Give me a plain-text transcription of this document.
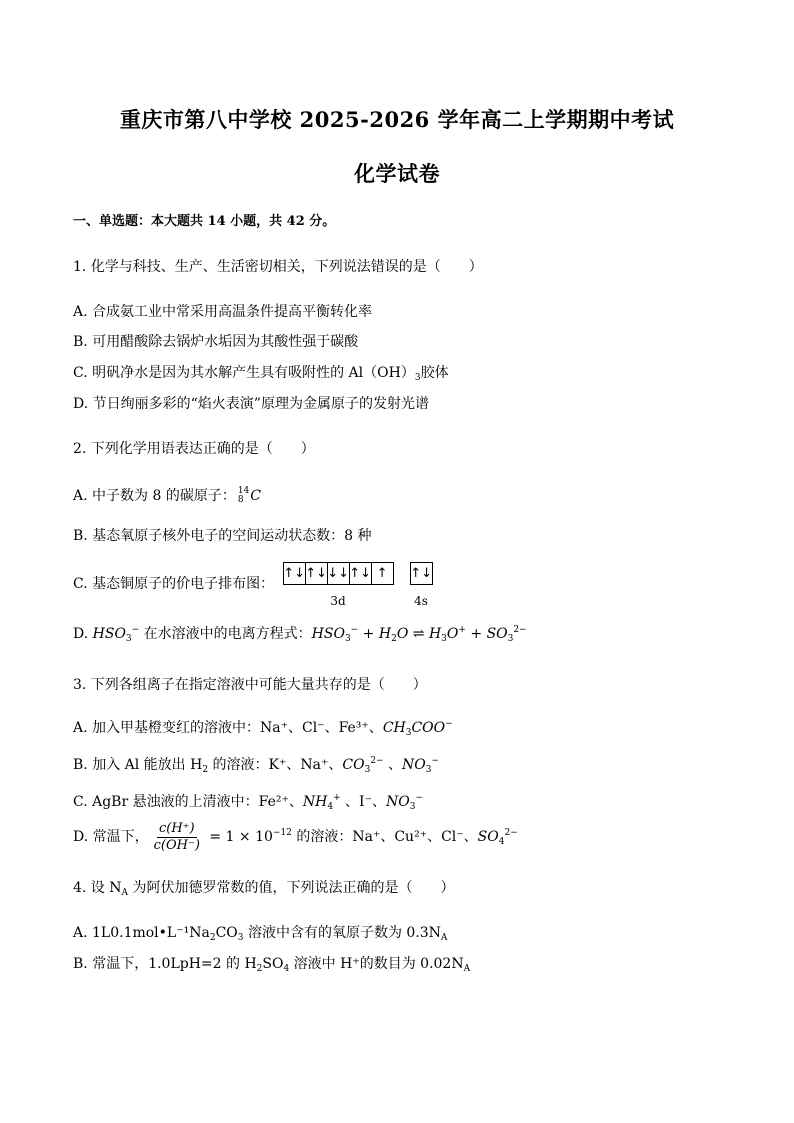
重庆市第八中学校 2025-2026 学年高二上学期期中考试
化学试卷
一、单选题：本大题共 14 小题，共 42 分。
1. 化学与科技、生产、生活密切相关，下列说法错误的是（　　）
A. 合成氨工业中常采用高温条件提高平衡转化率
B. 可用醋酸除去锅炉水垢因为其酸性强于碳酸
C. 明矾净水是因为其水解产生具有吸附性的 $Al(OH)_3$胶体
D. 节日绚丽多彩的“焰火表演”原理为金属原子的发射光谱
2. 下列化学用语表达正确的是（　　）
A. 中子数为 8 的碳原子： 14
8 C
B. 基态氧原子核外电子的空间运动状态数：8 种
C. 基态铜原子的价电子排布图：
↑↓ ↑↓ ↓↓ ↑↓ ↑
3d
↑↓
4s
D. $HSO_3^-$ 在水溶液中的电离方程式：$HSO_3^- + H_2O$ ⇌ $H_3O^+ + SO_3^{2-}$
3. 下列各组离子在指定溶液中可能大量共存的是（　　）
A. 加入甲基橙变红的溶液中：Na⁺、Cl⁻、Fe³⁺、$CH_3COO^-$
B. 加入 Al 能放出 $H_2$ 的溶液：K⁺、Na⁺、$CO_3^{2-}$ 、$NO_3^-$
C. AgBr 悬浊液的上清液中：Fe²⁺、$NH_4^+$ 、I⁻、$NO_3^-$
D. 常温下， $\frac{c(H^+)}{c(OH^-)} = 1 \times 10^{-12}$ 的溶液：Na⁺、Cu²⁺、Cl⁻、$SO_4^{2-}$
4. 设 $N_A$ 为阿伏加德罗常数的值，下列说法正确的是（　　）
A. $1L0.1mol•L^{-1}Na_2CO_3$ 溶液中含有的氧原子数为 $0.3N_A$
B. 常温下，1.0LpH=2 的 $H_2SO_4$ 溶液中 H⁺的数目为 $0.02N_A$
